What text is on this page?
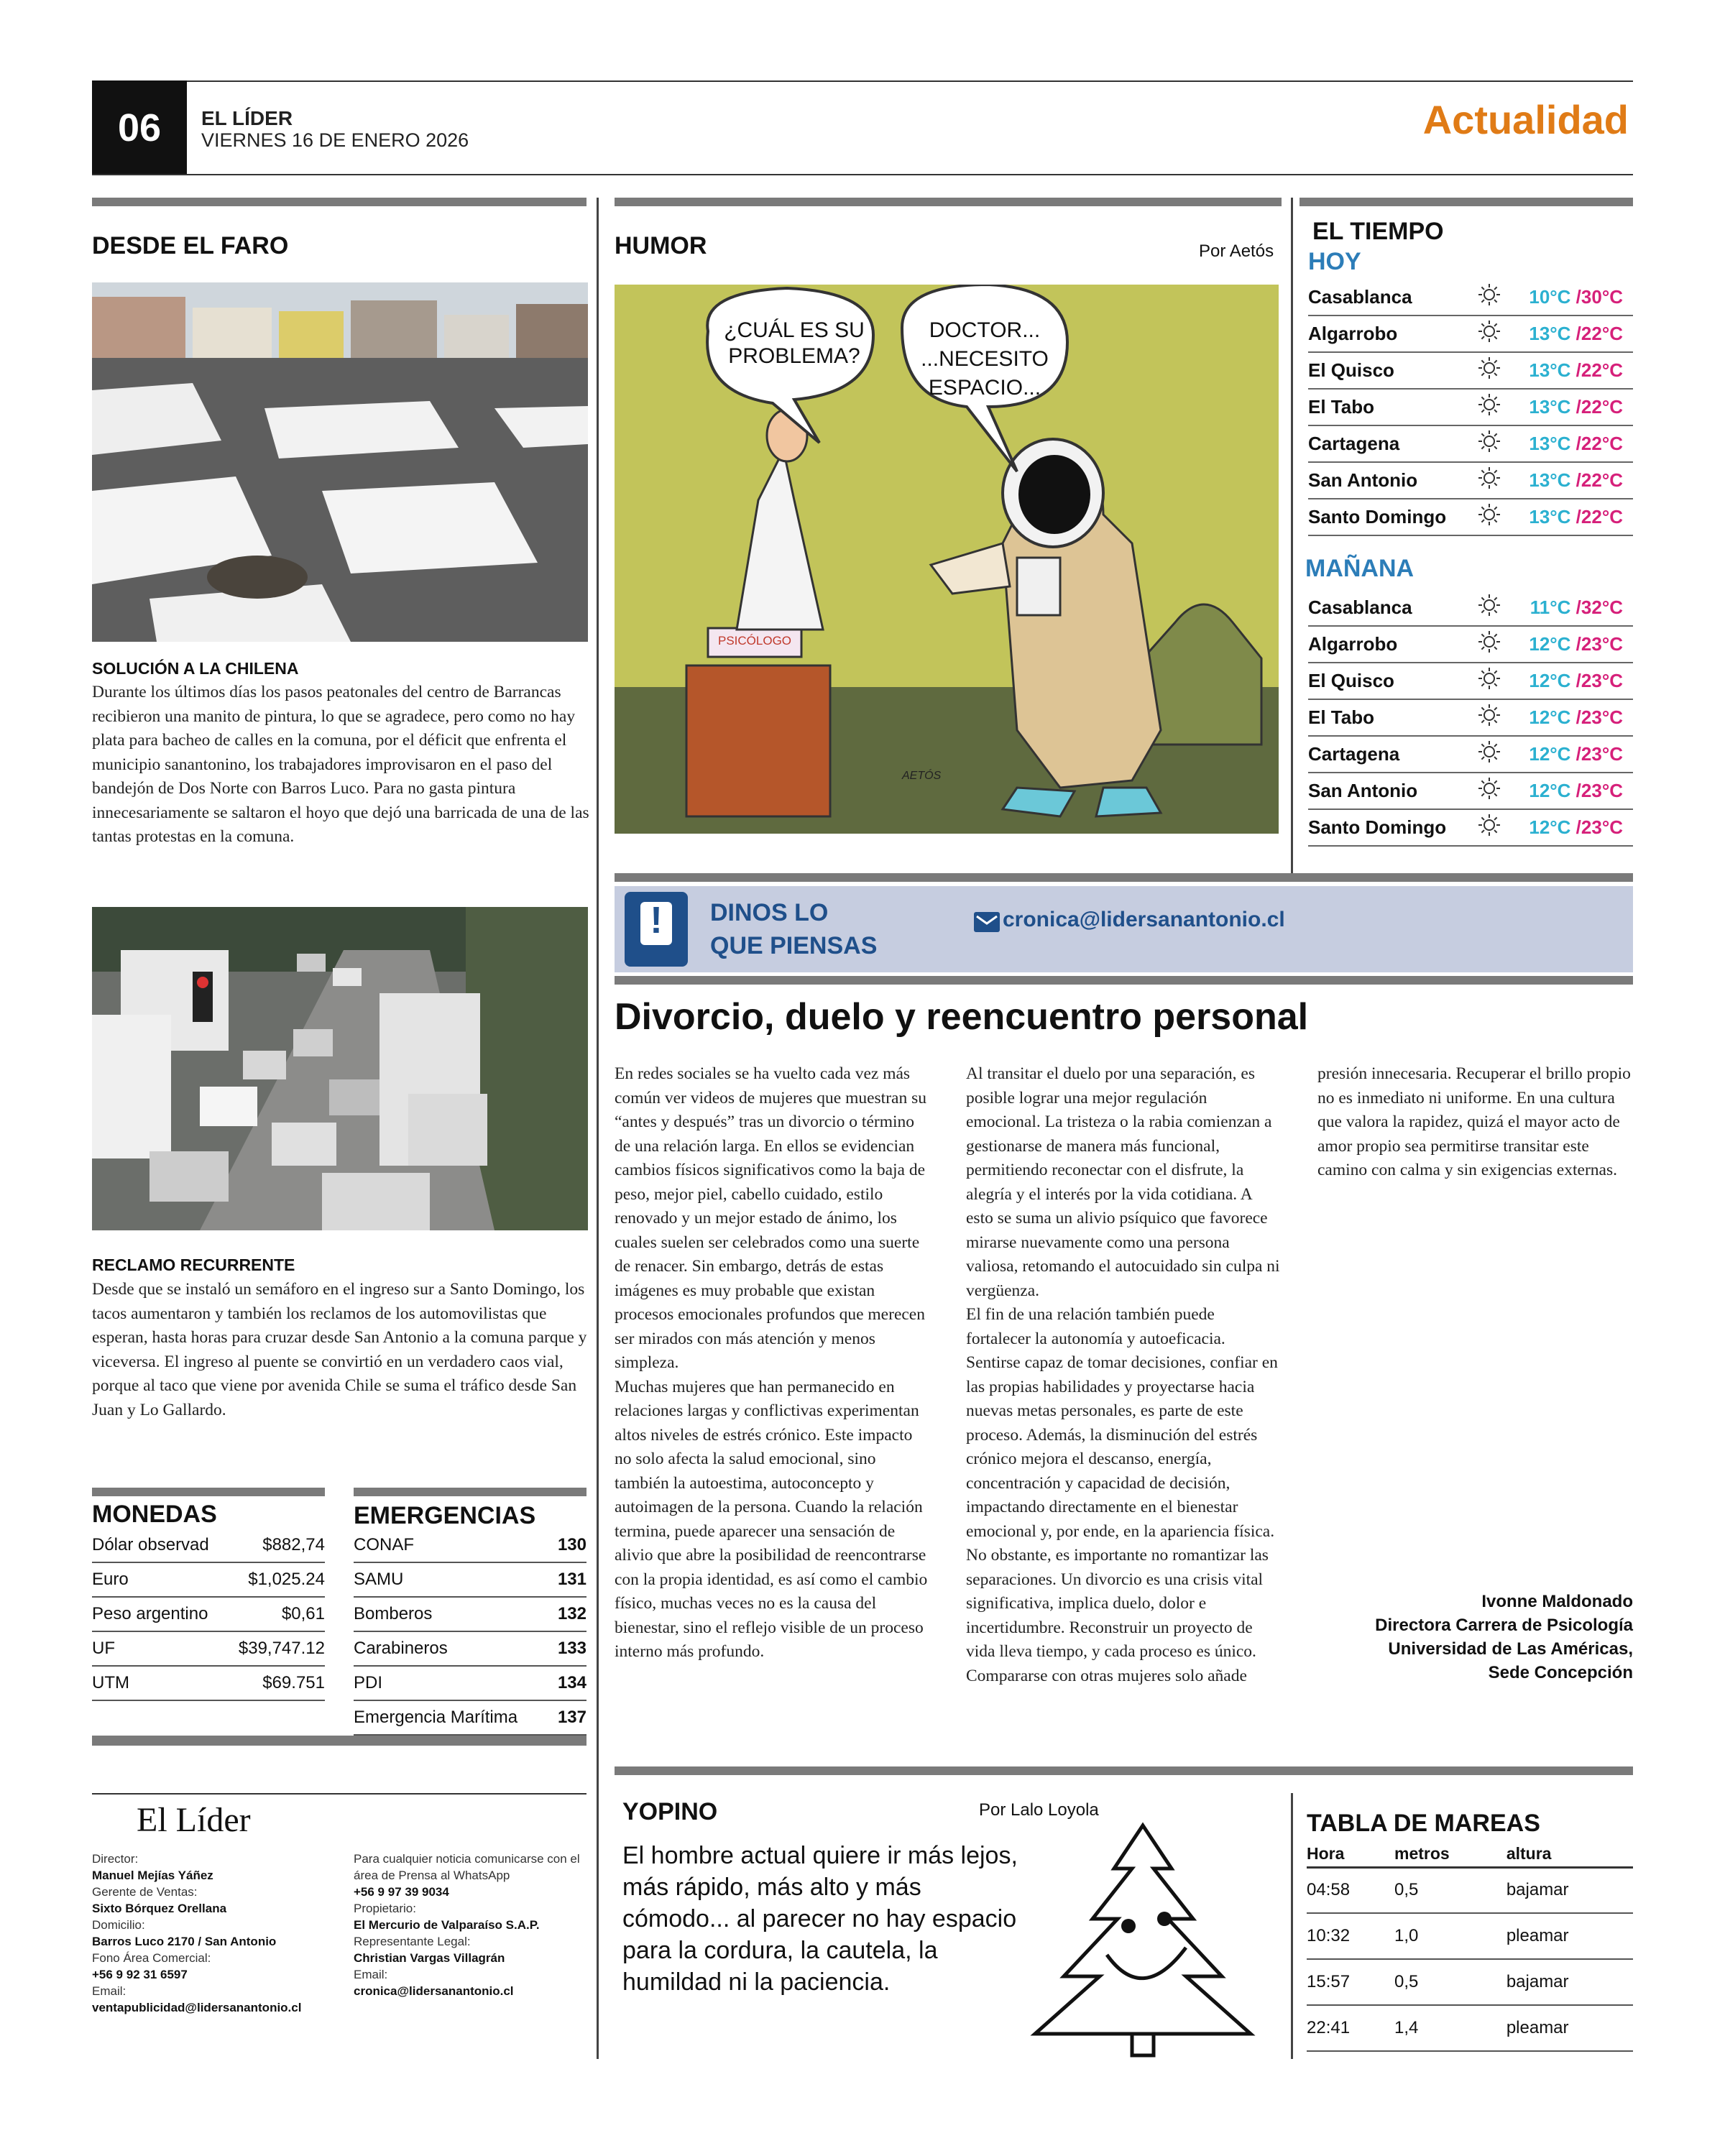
06	EL LÍDER
VIERNES 16 DE ENERO 2026	Actualidad
DESDE EL FARO
SOLUCIÓN A LA CHILENA

Durante los últimos días los pasos peatonales del centro de Barrancas recibieron una manito de pintura, lo que se agradece, pero como no hay plata para bacheo de calles en la comuna, por el déficit que enfrenta el municipio sanantonino, los trabajadores improvisaron en el paso del bandejón de Dos Norte con Barros Luco. Para no gasta pintura innecesariamente se saltaron el hoyo que dejó una barricada de una de las tantas protestas en la comuna.

RECLAMO RECURRENTE

Desde que se instaló un semáforo en el ingreso sur a Santo Domingo, los tacos aumentaron y también los reclamos de los automovilistas que esperan, hasta horas para cruzar desde San Antonio a la comuna parque y viceversa. El ingreso al puente se convirtió en un verdadero caos vial, porque al taco que viene por avenida Chile se suma el tráfico desde San Juan y Lo Gallardo.

MONEDAS
Dólar observad	$882,74
Euro	$1,025.24
Peso argentino	$0,61
UF	$39,747.12
UTM	$69.751
EMERGENCIAS
CONAF	130
SAMU	131
Bomberos	132
Carabineros	133
PDI	134
Emergencia Marítima	137
El Líder
Director:
Manuel Mejías Yáñez
Gerente de Ventas:
Sixto Bórquez Orellana
Domicilio:
Barros Luco 2170 / San Antonio
Fono Área Comercial:
+56 9 92 31 6597
Email:
ventapublicidad@lidersanantonio.cl
Para cualquier noticia comunicarse con el área de Prensa al WhatsApp
+56 9 97 39 9034
Propietario:
El Mercurio de Valparaíso S.A.P.
Representante Legal:
Christian Vargas Villagrán
Email:
cronica@lidersanantonio.cl
HUMOR	Por Aetós
¿CUÁL ES SU PROBLEMA?
DOCTOR... ...NECESITO ESPACIO...
PSICÓLOGO
AETÓS
EL TIEMPO
HOY
Casablanca		10°C /30°C
Algarrobo		13°C /22°C
El Quisco		13°C /22°C
El Tabo		13°C /22°C
Cartagena		13°C /22°C
San Antonio		13°C /22°C
Santo Domingo		13°C /22°C
MAÑANA
Casablanca		11°C /32°C
Algarrobo		12°C /23°C
El Quisco		12°C /23°C
El Tabo		12°C /23°C
Cartagena		12°C /23°C
San Antonio		12°C /23°C
Santo Domingo		12°C /23°C
!	DINOS LO
QUE PIENSAS
cronica@lidersanantonio.cl
Divorcio, duelo y reencuentro personal

En redes sociales se ha vuelto cada vez más común ver videos de mujeres que muestran su “antes y después” tras un divorcio o término de una relación larga. En ellos se evidencian cambios físicos significativos como la baja de peso, mejor piel, cabello cuidado, estilo renovado y un mejor estado de ánimo, los cuales suelen ser celebrados como una suerte de renacer. Sin embargo, detrás de estas imágenes es muy probable que existan procesos emocionales profundos que merecen ser mirados con más atención y menos simpleza.

Muchas mujeres que han permanecido en relaciones largas y conflictivas experimentan altos niveles de estrés crónico. Este impacto no solo afecta la salud emocional, sino también la autoestima, autoconcepto y autoimagen de la persona. Cuando la relación termina, puede aparecer una sensación de alivio que abre la posibilidad de reencontrarse con la propia identidad, es así como el cambio físico, muchas veces no es la causa del bienestar, sino el reflejo visible de un proceso interno más profundo.

Al transitar el duelo por una separación, es posible lograr una mejor regulación emocional. La tristeza o la rabia comienzan a gestionarse de manera más funcional, permitiendo reconectar con el disfrute, la alegría y el interés por la vida cotidiana. A esto se suma un alivio psíquico que favorece mirarse nuevamente como una persona valiosa, retomando el autocuidado sin culpa ni vergüenza.

El fin de una relación también puede fortalecer la autonomía y autoeficacia. Sentirse capaz de tomar decisiones, confiar en las propias habilidades y proyectarse hacia nuevas metas personales, es parte de este proceso. Además, la disminución del estrés crónico mejora el descanso, energía, concentración y capacidad de decisión, impactando directamente en el bienestar emocional y, por ende, en la apariencia física.

No obstante, es importante no romantizar las separaciones. Un divorcio es una crisis vital significativa, implica duelo, dolor e incertidumbre. Reconstruir un proyecto de vida lleva tiempo, y cada proceso es único. Compararse con otras mujeres solo añade presión innecesaria. Recuperar el brillo propio no es inmediato ni uniforme. En una cultura que valora la rapidez, quizá el mayor acto de amor propio sea permitirse transitar este camino con calma y sin exigencias externas.

Ivonne Maldonado
Directora Carrera de Psicología
Universidad de Las Américas,
Sede Concepción
YOPINO	Por Lalo Loyola

El hombre actual quiere ir más lejos, más rápido, más alto y más cómodo... al parecer no hay espacio para la cordura, la cautela, la humildad ni la paciencia.

TABLA DE MAREAS
Hora	metros	altura
04:58	0,5	bajamar
10:32	1,0	pleamar
15:57	0,5	bajamar
22:41	1,4	pleamar
